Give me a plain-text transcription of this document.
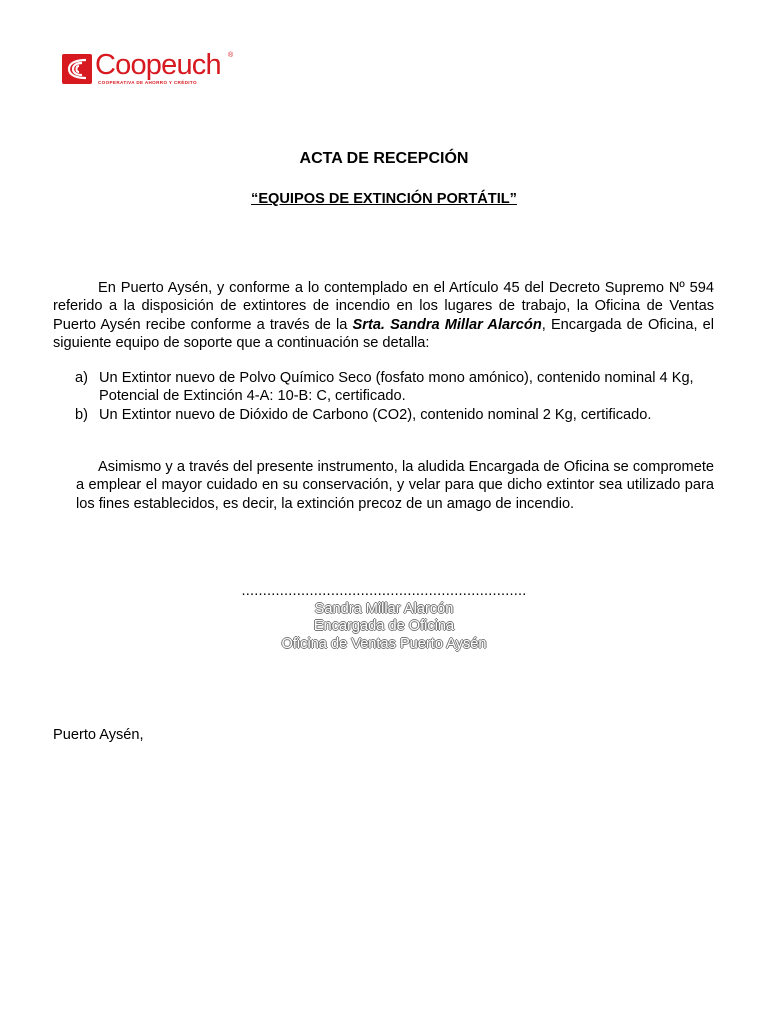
Coopeuch ®
COOPERATIVA DE AHORRO Y CRÉDITO
ACTA DE RECEPCIÓN
“EQUIPOS DE EXTINCIÓN PORTÁTIL”

En Puerto Aysén, y conforme a lo contemplado en el Artículo 45 del Decreto Supremo Nº 594 referido a la disposición de extintores de incendio en los lugares de trabajo, la Oficina de Ventas Puerto Aysén recibe conforme a través de la Srta. Sandra Millar Alarcón, Encargada de Oficina, el siguiente equipo de soporte que a continuación se detalla:

a) Un Extintor nuevo de Polvo Químico Seco (fosfato mono amónico), contenido nominal 4 Kg, Potencial de Extinción 4-A: 10-B: C, certificado.
b) Un Extintor nuevo de Dióxido de Carbono (CO2), contenido nominal 2 Kg, certificado.

Asimismo y a través del presente instrumento, la aludida Encargada de Oficina se compromete a emplear el mayor cuidado en su conservación, y velar para que dicho extintor sea utilizado para los fines establecidos, es decir, la extinción precoz de un amago de incendio.

...................................................................
Sandra Millar Alarcón
Encargada de Oficina
Oficina de Ventas Puerto Aysén
Puerto Aysén,
